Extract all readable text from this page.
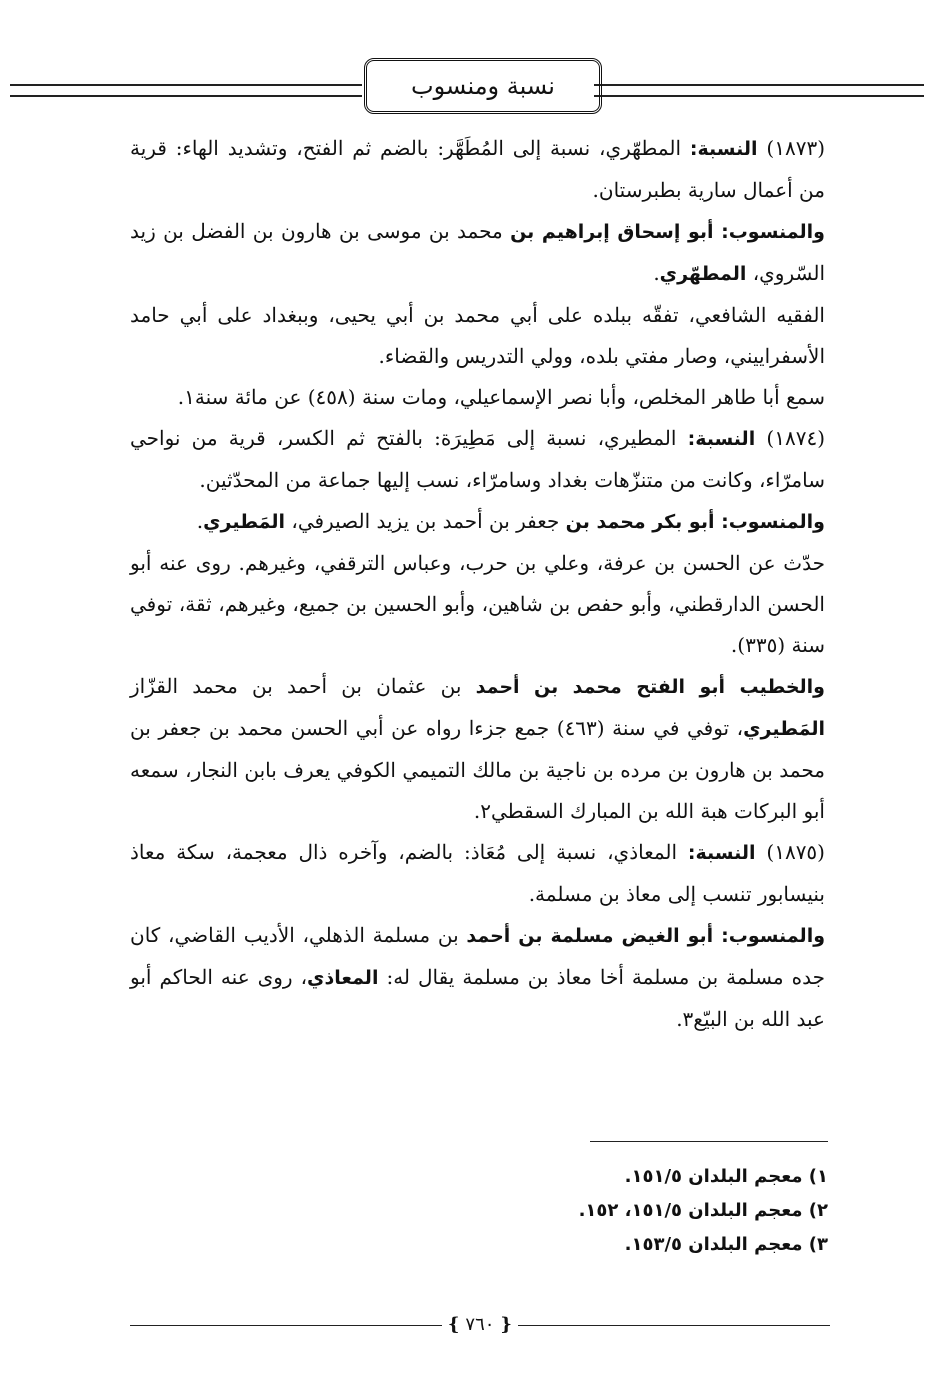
نسبة ومنسوب

(١٨٧٣) النسبة: المطهّري، نسبة إلى المُطَهَّر: بالضم ثم الفتح، وتشديد الهاء: قرية من أعمال سارية بطبرستان.

والمنسوب: أبو إسحاق إبراهيم بن محمد بن موسى بن هارون بن الفضل بن زيد السّروي، المطهّري.

الفقيه الشافعي، تفقّه ببلده على أبي محمد بن أبي يحيى، وببغداد على أبي حامد الأسفراييني، وصار مفتي بلده، وولي التدريس والقضاء.

سمع أبا طاهر المخلص، وأبا نصر الإسماعيلي، ومات سنة (٤٥٨) عن مائة سنة١.

(١٨٧٤) النسبة: المطيري، نسبة إلى مَطِيرَة: بالفتح ثم الكسر، قرية من نواحي سامرّاء، وكانت من متنزّهات بغداد وسامرّاء، نسب إليها جماعة من المحدّثين.

والمنسوب: أبو بكر محمد بن جعفر بن أحمد بن يزيد الصيرفي، المَطيري.

حدّث عن الحسن بن عرفة، وعلي بن حرب، وعباس الترقفي، وغيرهم. روى عنه أبو الحسن الدارقطني، وأبو حفص بن شاهين، وأبو الحسين بن جميع، وغيرهم، ثقة، توفي سنة (٣٣٥).

والخطيب أبو الفتح محمد بن أحمد بن عثمان بن أحمد بن محمد القزّاز المَطيري، توفي في سنة (٤٦٣) جمع جزءا رواه عن أبي الحسن محمد بن جعفر بن محمد بن هارون بن مرده بن ناجية بن مالك التميمي الكوفي يعرف بابن النجار، سمعه أبو البركات هبة الله بن المبارك السقطي٢.

(١٨٧٥) النسبة: المعاذي، نسبة إلى مُعَاذ: بالضم، وآخره ذال معجمة، سكة معاذ بنيسابور تنسب إلى معاذ بن مسلمة.

والمنسوب: أبو الغيض مسلمة بن أحمد بن مسلمة الذهلي، الأديب القاضي، كان جده مسلمة بن مسلمة أخا معاذ بن مسلمة يقال له: المعاذي، روى عنه الحاكم أبو عبد الله بن البيّع٣.

١) معجم البلدان ١٥١/٥.
٢) معجم البلدان ١٥١/٥، ١٥٢.
٣) معجم البلدان ١٥٣/٥.
{ ٧٦٠ }
